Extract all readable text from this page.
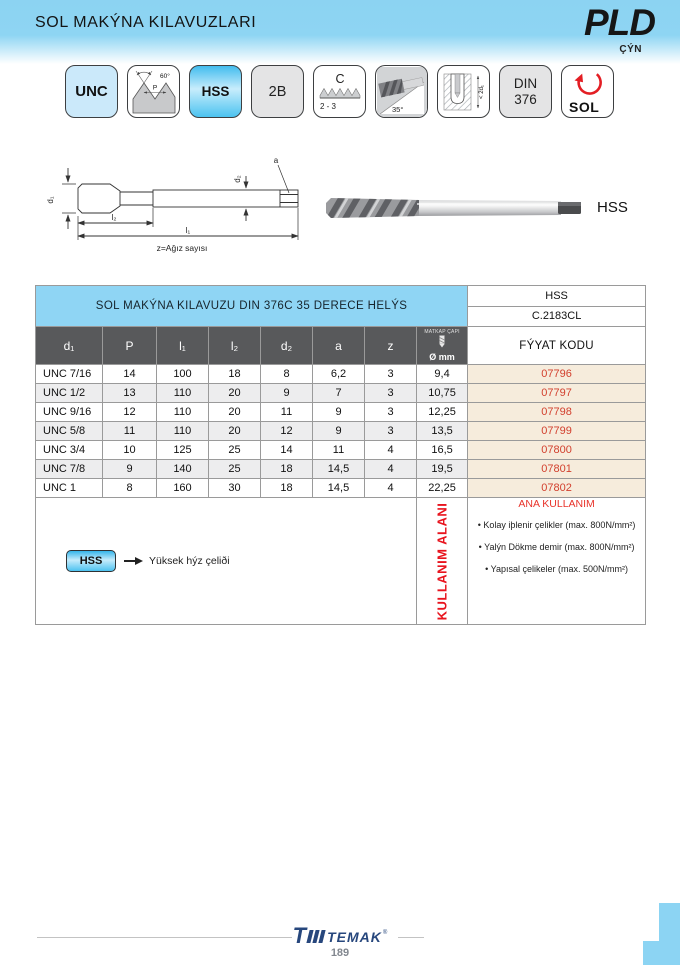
SOL MAKÝNA KILAVUZLARI	PLD
ÇÝN
UNC
60°
P	HSS	2B
C
2 - 3	35°
< 2d₁
DIN 376	SOL
d₁
l₂
l₁
d₂
a
z=Ağız sayısı
HSS
SOL MAKÝNA KILAVUZU DIN 376C 35 DERECE HELÝS								HSS
C.2183CL

d₁	P	l₁	l₂	d₂	a	z	MATKAP ÇAPI
Ø mm	FÝYAT KODU
UNC 7/16	14	100	18	8	6,2	3	9,4	07796
UNC 1/2	13	110	20	9	7	3	10,75	07797
UNC 9/16	12	110	20	11	9	3	12,25	07798
UNC 5/8	11	110	20	12	9	3	13,5	07799
UNC 3/4	10	125	25	14	11	4	16,5	07800
UNC 7/8	9	140	25	18	14,5	4	19,5	07801
UNC 1	8	160	30	18	14,5	4	22,25	07802

HSS	Yüksek hýz çeliði	KULLANIM ALANI	ANA KULLANIM
• Kolay iþlenir çelikler (max. 800N/mm²)
• Yalýn Dökme demir (max. 800N/mm²)
• Yapısal çelikeler (max. 500N/mm²)
T TEMAK ®
189
